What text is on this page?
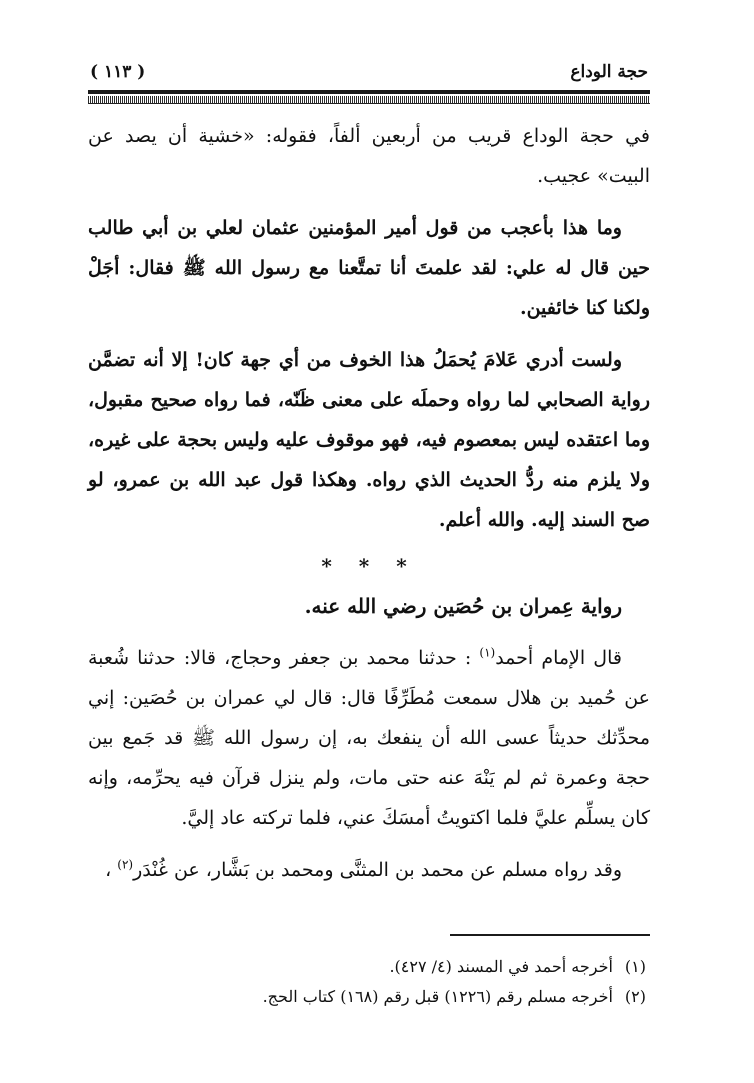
حجة الوداع
( ١١٣ )

في حجة الوداع قريب من أربعين ألفاً، فقوله: «خشية أن يصد عن البيت» عجيب.

وما هذا بأعجب من قول أمير المؤمنين عثمان لعلي بن أبي طالب حين قال له علي: لقد علمتَ أنا تمتَّعنا مع رسول الله ﷺ فقال: أجَلْ ولكنا كنا خائفين.

ولست أدري عَلامَ يُحمَلُ هذا الخوف من أي جهة كان! إلا أنه تضمَّن رواية الصحابي لما رواه وحملَه على معنى ظَنّه، فما رواه صحيح مقبول، وما اعتقده ليس بمعصوم فيه، فهو موقوف عليه وليس بحجة على غيره، ولا يلزم منه ردُّ الحديث الذي رواه. وهكذا قول عبد الله بن عمرو، لو صح السند إليه. والله أعلم.

* * *

رواية عِمران بن حُصَين رضي الله عنه.

قال الإمام أحمد$^{(١)}$ : حدثنا محمد بن جعفر وحجاج، قالا: حدثنا شُعبة عن حُميد بن هلال سمعت مُطَرِّفًا قال: قال لي عمران بن حُصَين: إني محدِّثك حديثاً عسى الله أن ينفعك به، إن رسول الله ﷺ قد جَمع بين حجة وعمرة ثم لم يَنْهَ عنه حتى مات، ولم ينزل قرآن فيه يحرِّمه، وإنه كان يسلِّم عليَّ فلما اكتويتُ أمسَكَ عني، فلما تركته عاد إليَّ.

وقد رواه مسلم عن محمد بن المثنَّى ومحمد بن بَشَّار، عن غُنْدَر$^{(٢)}$ ،

(١)أخرجه أحمد في المسند (٤/ ٤٢٧).

(٢)أخرجه مسلم رقم (١٢٢٦) قبل رقم (١٦٨) كتاب الحج.
